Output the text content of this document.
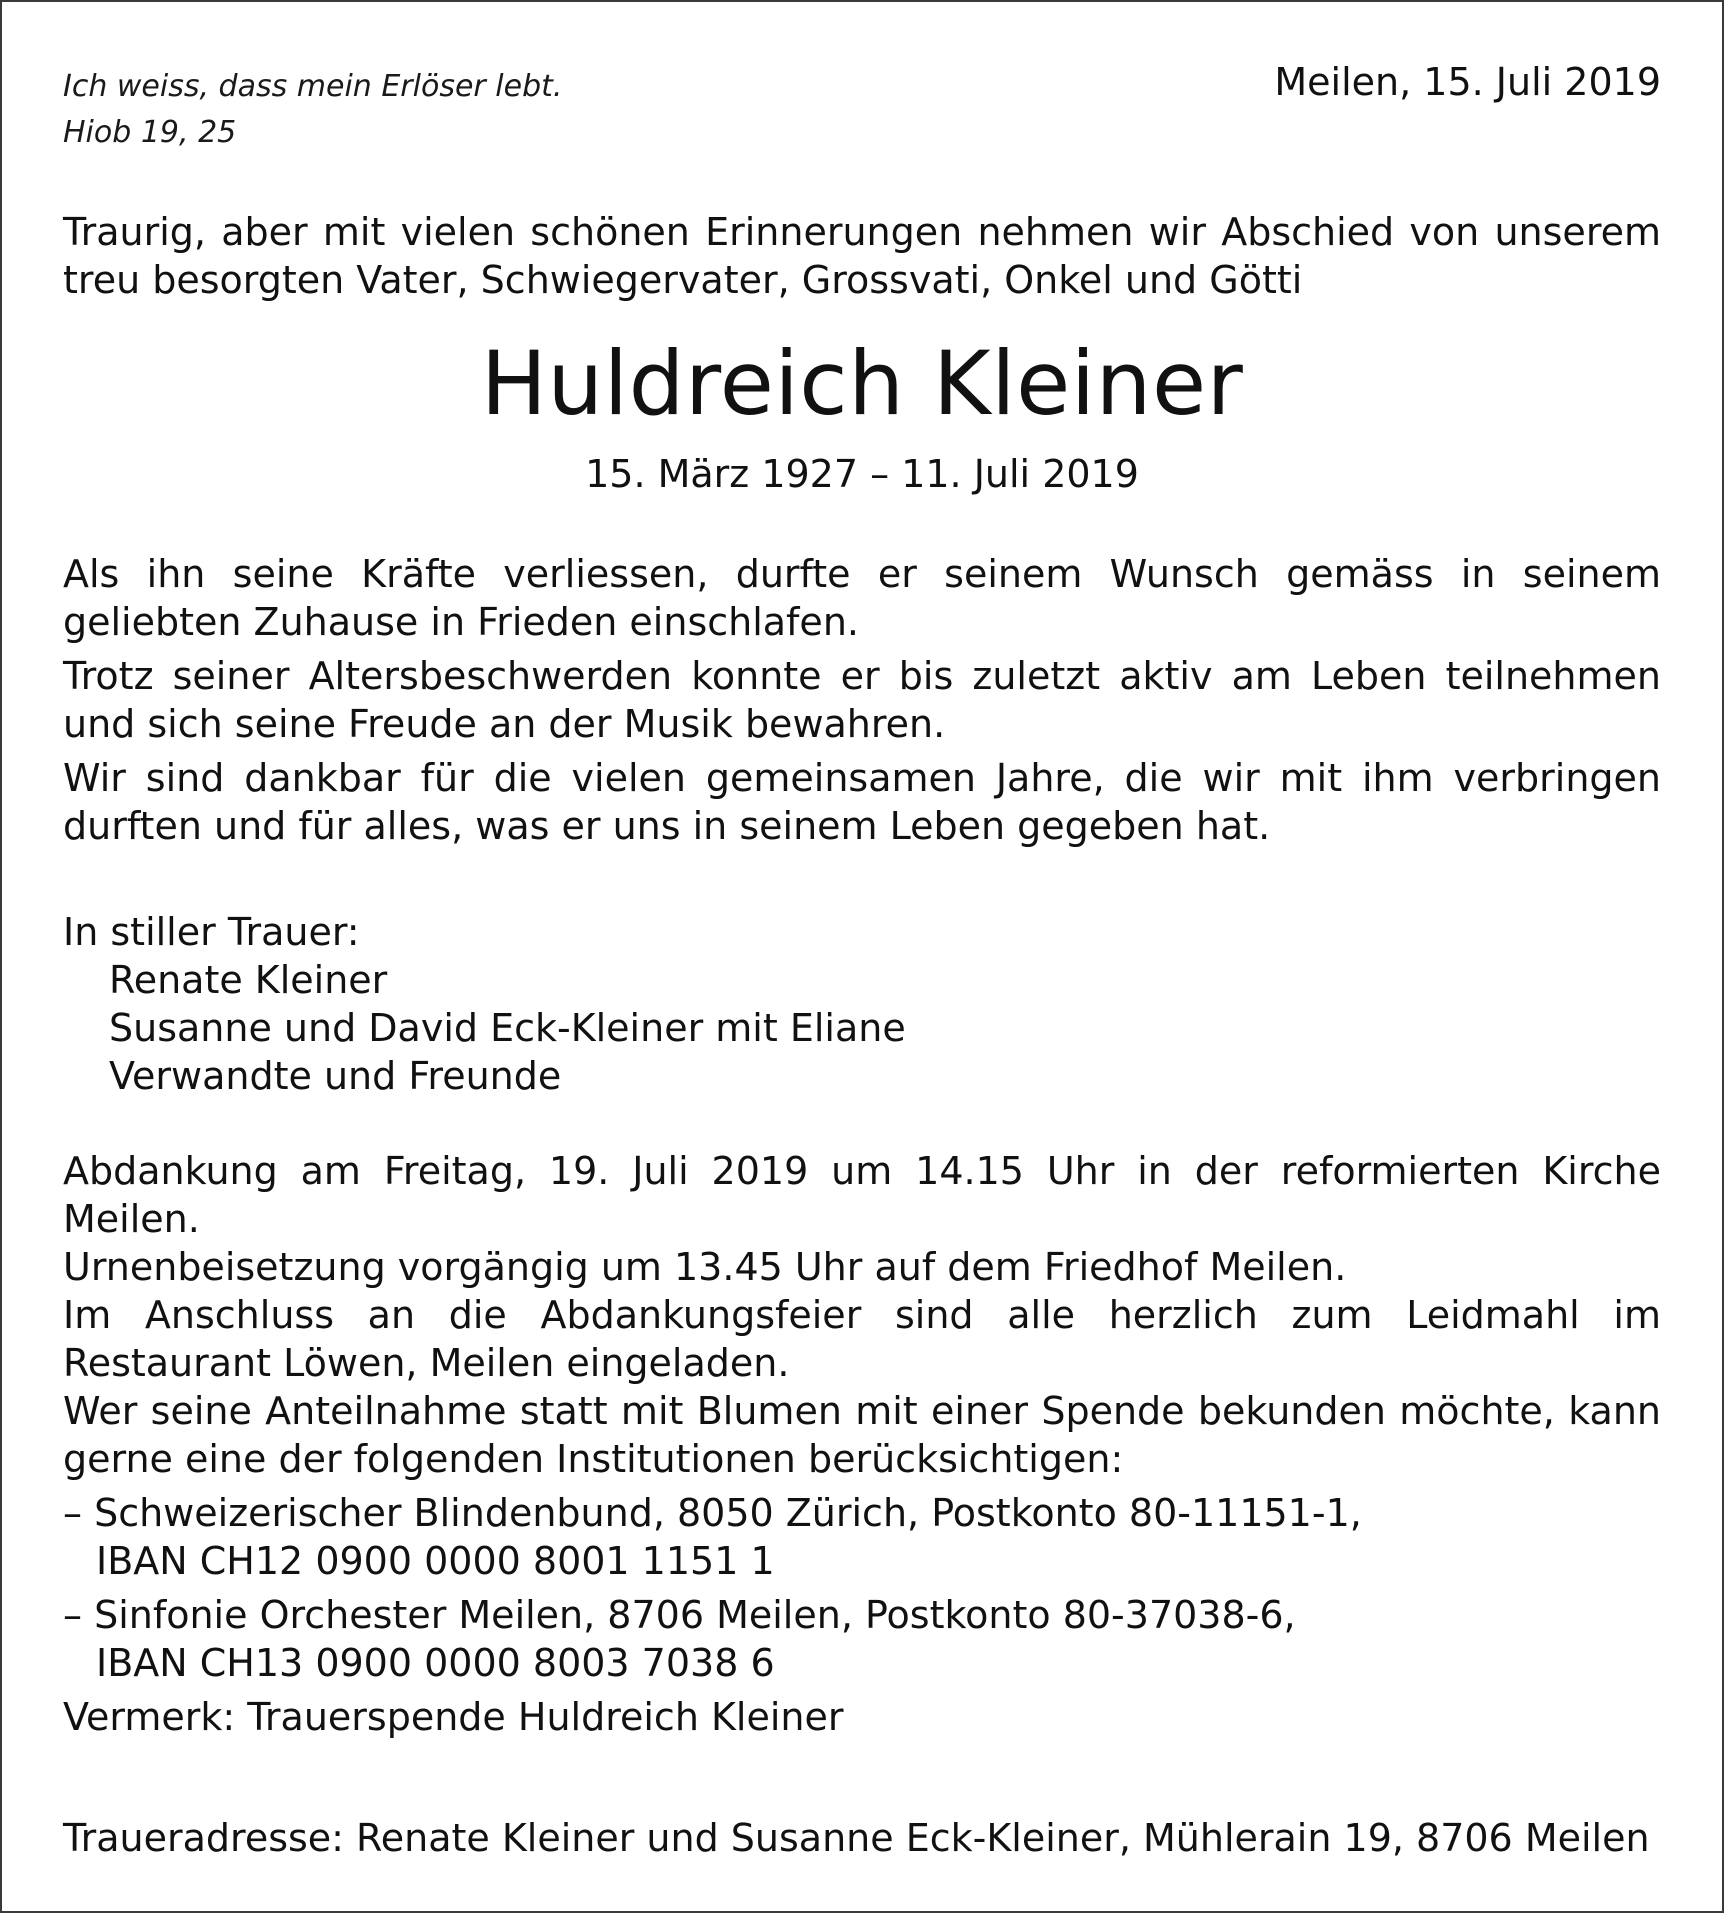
Ich weiss, dass mein Erlöser lebt.
Hiob 19, 25
Meilen, 15. Juli 2019
Traurig, aber mit vielen schönen Erinnerungen nehmen wir Abschied von unserem treu besorgten Vater, Schwiegervater, Grossvati, Onkel und Götti
Huldreich Kleiner
15. März 1927 – 11. Juli 2019

Als ihn seine Kräfte verliessen, durfte er seinem Wunsch gemäss in seinem geliebten Zuhause in Frieden einschlafen.

Trotz seiner Altersbeschwerden konnte er bis zuletzt aktiv am Leben teilnehmen und sich seine Freude an der Musik bewahren.

Wir sind dankbar für die vielen gemeinsamen Jahre, die wir mit ihm verbringen durften und für alles, was er uns in seinem Leben gegeben hat.

In stiller Trauer:
Renate Kleiner
Susanne und David Eck-Kleiner mit Eliane
Verwandte und Freunde

Abdankung am Freitag, 19. Juli 2019 um 14.15 Uhr in der reformierten Kirche Meilen.

Urnenbeisetzung vorgängig um 13.45 Uhr auf dem Friedhof Meilen.

Im Anschluss an die Abdankungsfeier sind alle herzlich zum Leidmahl im Restaurant Löwen, Meilen eingeladen.

Wer seine Anteilnahme statt mit Blumen mit einer Spende bekunden möchte, kann gerne eine der folgenden Institutionen berücksichtigen:

– Schweizerischer Blindenbund, 8050 Zürich, Postkonto 80-11151-1,
IBAN CH12 0900 0000 8001 1151 1
– Sinfonie Orchester Meilen, 8706 Meilen, Postkonto 80-37038-6,
IBAN CH13 0900 0000 8003 7038 6
Vermerk: Trauerspende Huldreich Kleiner
Traueradresse: Renate Kleiner und Susanne Eck-Kleiner, Mühlerain 19, 8706 Meilen
